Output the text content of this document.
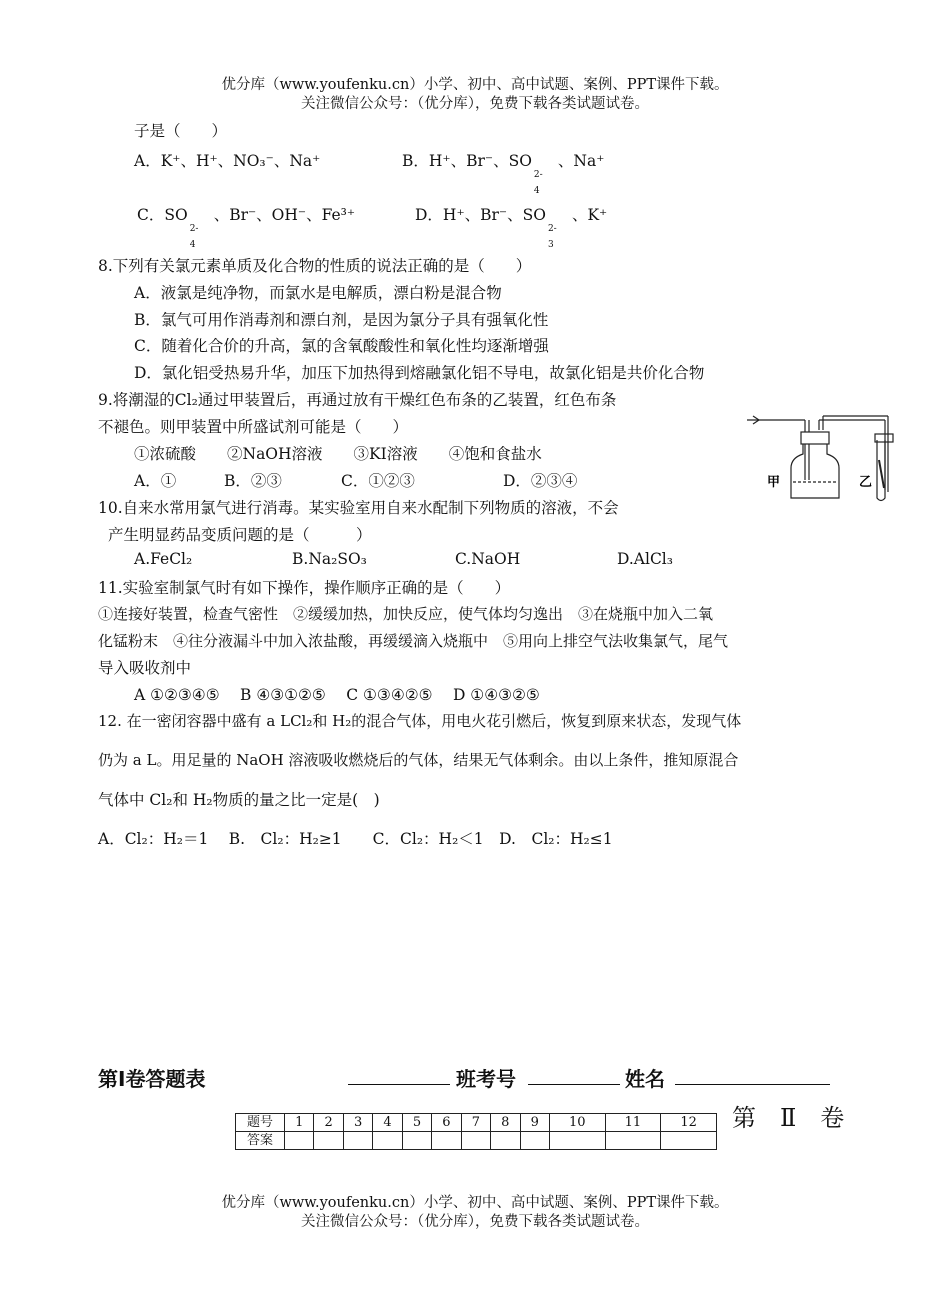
优分库（www.youfenku.cn）小学、初中、高中试题、案例、PPT课件下载。
关注微信公众号：（优分库），免费下载各类试题试卷。
子是（　　）
A．K⁺、H⁺、NO₃⁻、Na⁺	B．H⁺、Br⁻、SO
2-
4
、Na⁺
C．SO
2-
4
、Br⁻、OH⁻、Fe³⁺	D．H⁺、Br⁻、SO
2-
3
、K⁺
8.下列有关氯元素单质及化合物的性质的说法正确的是（　　）
A．液氯是纯净物，而氯水是电解质，漂白粉是混合物
B．氯气可用作消毒剂和漂白剂，是因为氯分子具有强氧化性
C．随着化合价的升高，氯的含氧酸酸性和氧化性均逐渐增强
D．氯化铝受热易升华，加压下加热得到熔融氯化铝不导电，故氯化铝是共价化合物
9.将潮湿的Cl₂通过甲装置后，再通过放有干燥红色布条的乙装置，红色布条
不褪色。则甲装置中所盛试剂可能是（　　）
①浓硫酸　　②NaOH溶液　　③KI溶液　　④饱和食盐水
A．①	B．②③	C．①②③	D．②③④	甲	乙
10.自来水常用氯气进行消毒。某实验室用自来水配制下列物质的溶液，不会
产生明显药品变质问题的是（　　　）
A.FeCl₂	B.Na₂SO₃	C.NaOH	D.AlCl₃
11.实验室制氯气时有如下操作，操作顺序正确的是（　　）
①连接好装置，检查气密性　②缓缓加热，加快反应，使气体均匀逸出　③在烧瓶中加入二氧
化锰粉末　④往分液漏斗中加入浓盐酸，再缓缓滴入烧瓶中　⑤用向上排空气法收集氯气，尾气
导入吸收剂中
A ①②③④⑤　 B ④③①②⑤　 C ①③④②⑤　 D ①④③②⑤
12. 在一密闭容器中盛有 a LCl₂和 H₂的混合气体，用电火花引燃后，恢复到原来状态，发现气体
仍为 a L。用足量的 NaOH 溶液吸收燃烧后的气体，结果无气体剩余。由以上条件，推知原混合
气体中 Cl₂和 H₂物质的量之比一定是(　)
A．Cl₂：H₂＝1　 B.　Cl₂：H₂≥1　　C．Cl₂：H₂＜1　D.　Cl₂：H₂≤1
第Ⅰ卷答题表	班考号	姓名
题号	1	2	3	4	5	6	7	8	9	10	11	12
答案												
第　Ⅱ　卷
优分库（www.youfenku.cn）小学、初中、高中试题、案例、PPT课件下载。
关注微信公众号：（优分库），免费下载各类试题试卷。
